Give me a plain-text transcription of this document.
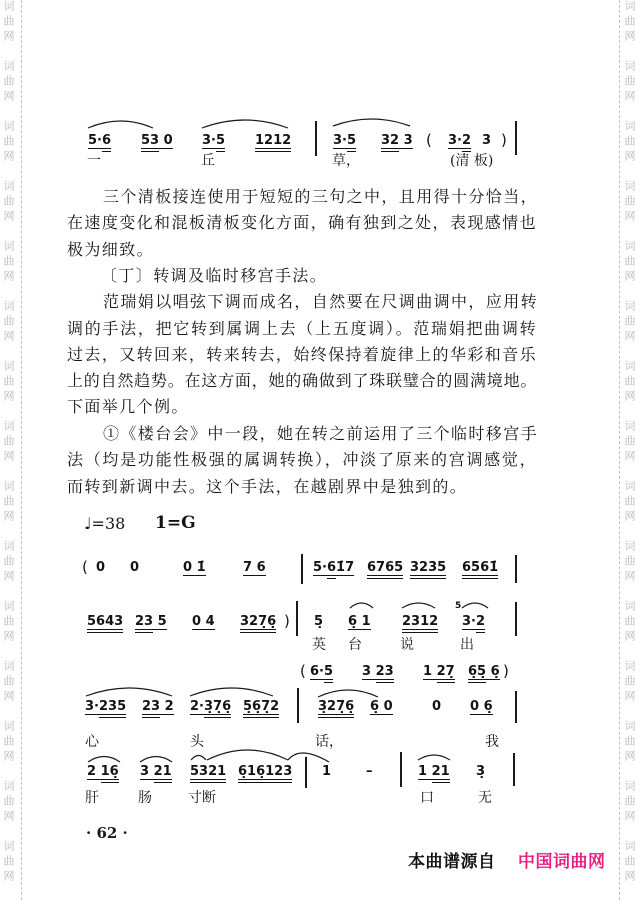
词曲网
词曲网
词曲网
词曲网
词曲网
词曲网
词曲网
词曲网
词曲网
词曲网
词曲网
词曲网
词曲网
词曲网
词曲网
词曲网
词曲网
词曲网
词曲网
词曲网
词曲网
词曲网
词曲网
词曲网
词曲网
词曲网
词曲网
词曲网
词曲网
词曲网
5·6 53 0 3·5 1212	3·5 32 3 ( 3·2 3 )
一	丘	草，	(清 板)
三个清板接连使用于短短的三句之中，且用得十分恰当，
在速度变化和混板清板变化方面，确有独到之处，表现感情也
极为细致。
〔丁〕转调及临时移宫手法。
范瑞娟以唱弦下调而成名，自然要在尺调曲调中，应用转
调的手法，把它转到属调上去（上五度调）。范瑞娟把曲调转
过去，又转回来，转来转去，始终保持着旋律上的华彩和音乐
上的自然趋势。在这方面，她的确做到了珠联璧合的圆满境地。
下面举几个例。
①《楼台会》中一段，她在转之前运用了三个临时移宫手
法（均是功能性极强的属调转换），冲淡了原来的宫调感觉，
而转到新调中去。这个手法，在越剧界中是独到的。
♩=38 1=G
( 0 0	0 1̇	7 6	5·61̇7 6765 3235 6561̇
5643 23 5 0 4 327̣6̣ ) 5̣ 6̣ 1 2312
5
3·2
英 台	说	出
( 6·5 3 23 1 27̣ 6̣5̣ 6̣ )
3·235 23 2 2·3̣7̣6̣ 5̣6̣7̣2	3̣27̣6̣ 6̣ 0	0 0 6̣
心	头	话，	我
2 16̣ 3 21 5321 6̣16̣123 1	–	1 21 3̣
肝	肠	寸断	口	无
· 62 ·
本曲谱源自 中国词曲网
